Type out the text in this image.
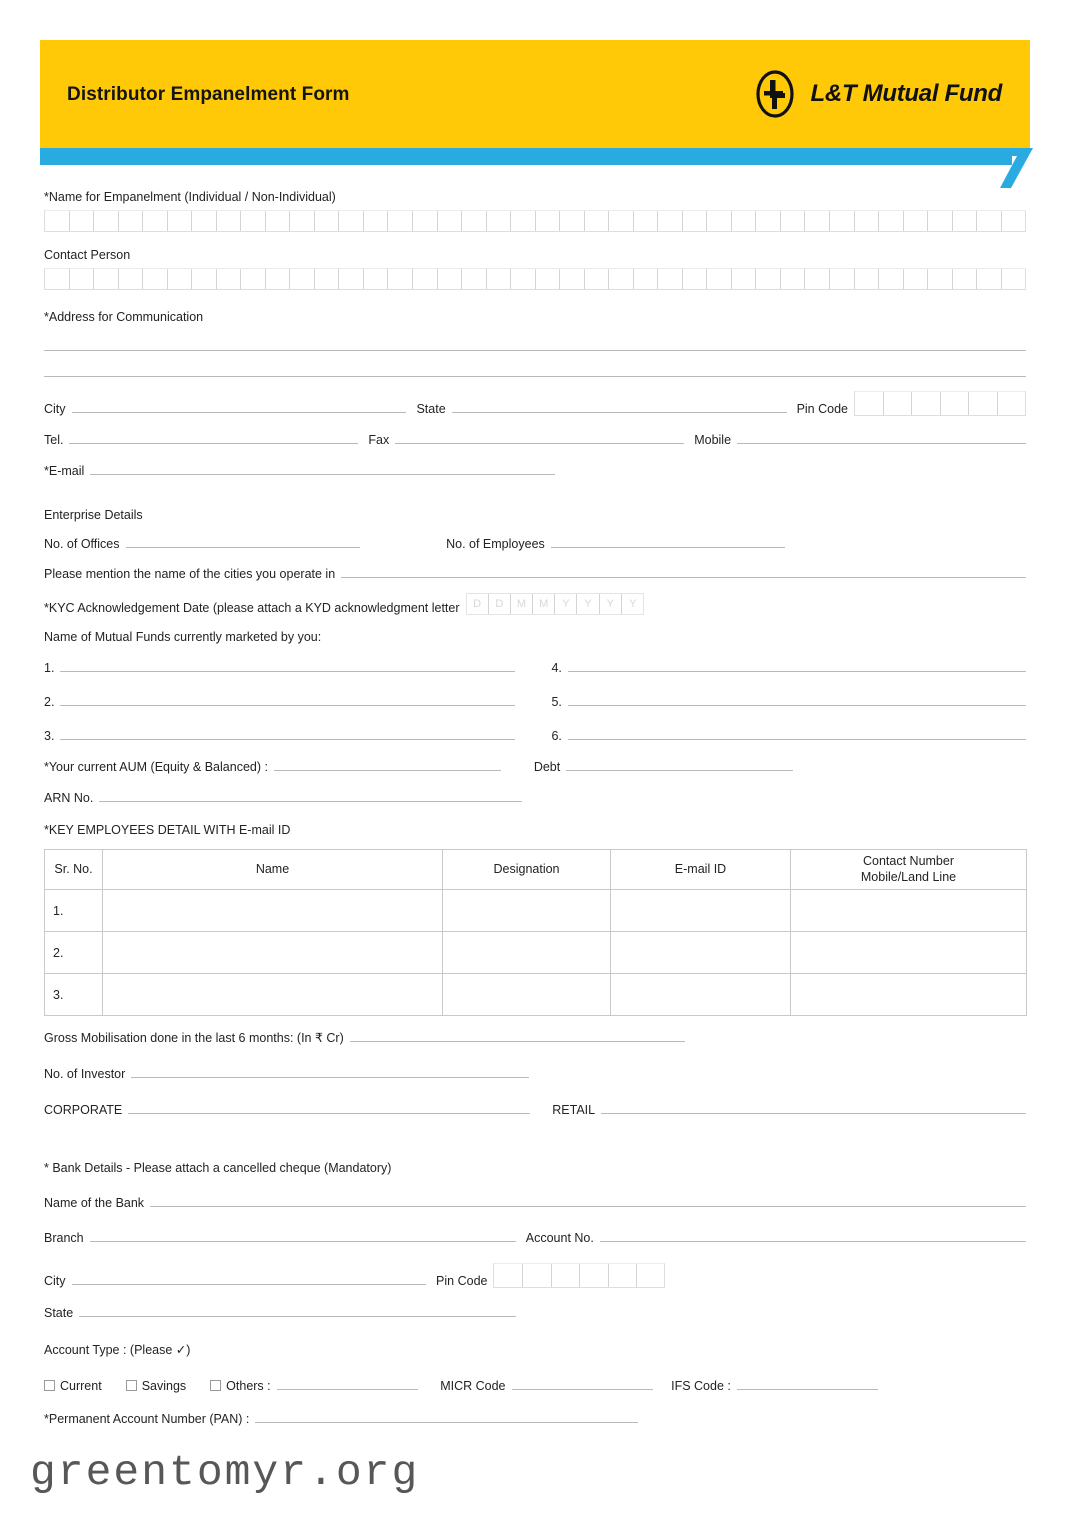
Distributor Empanelment Form	L&T Mutual Fund
*Name for Empanelment (Individual / Non-Individual)
Contact Person
*Address for Communication
City	State	Pin Code
Tel.	Fax	Mobile
*E-mail
Enterprise Details
No. of Offices	No. of Employees
Please mention the name of the cities you operate in
*KYC Acknowledgement Date (please attach a KYD acknowledgment letter	D	D	M	M	Y	Y	Y	Y
Name of Mutual Funds currently marketed by you:
1.	4.
2.	5.
3.	6.
*Your current AUM (Equity & Balanced) :	Debt
ARN No.
*KEY EMPLOYEES DETAIL WITH E-mail ID
Sr. No.	Name	Designation	E-mail ID	Contact Number
Mobile/Land Line
1.				
2.				
3.				
Gross Mobilisation done in the last 6 months: (In ₹ Cr)
No. of Investor
CORPORATE	RETAIL
* Bank Details - Please attach a cancelled cheque (Mandatory)
Name of the Bank
Branch	Account No.
City	Pin Code
State
Account Type : (Please ✓)
Current	Savings	Others :	MICR Code	IFS Code :
*Permanent Account Number (PAN) :
greentomyr.org
